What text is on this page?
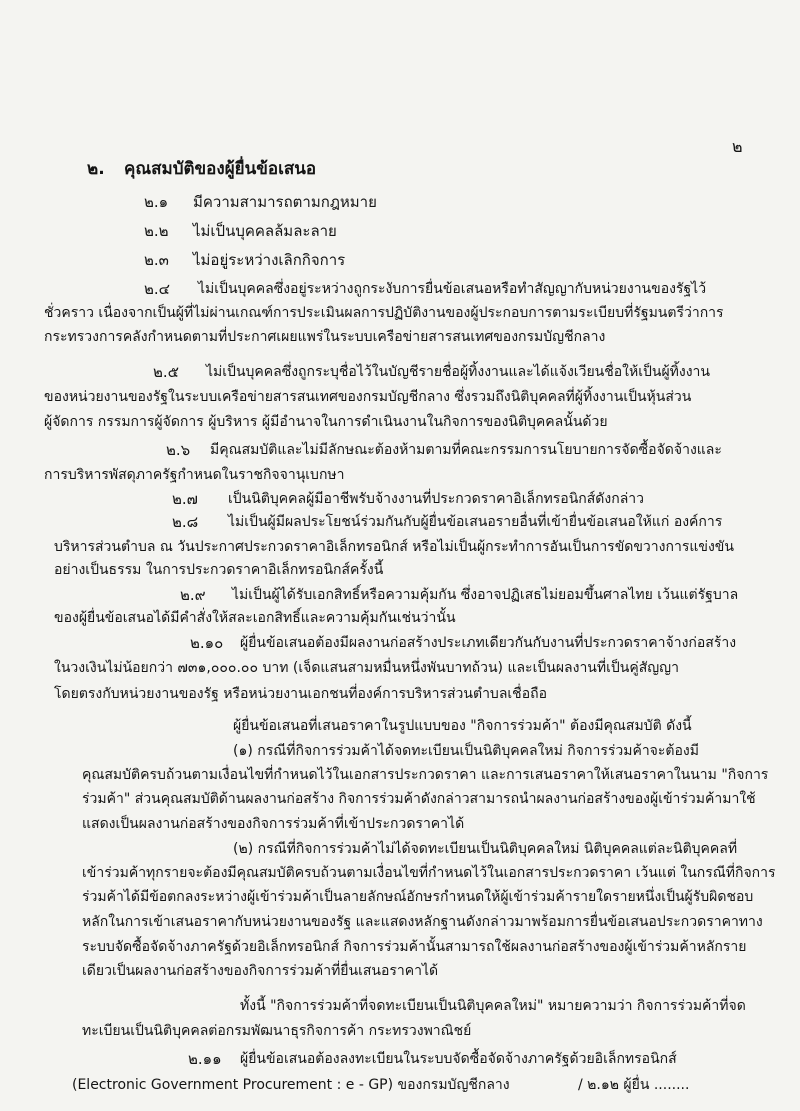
๒
๒. คุณสมบัติของผู้ยื่นข้อเสนอ
๒.๑ มีความสามารถตามกฎหมาย
๒.๒ ไม่เป็นบุคคลล้มละลาย
๒.๓ ไม่อยู่ระหว่างเลิกกิจการ
๒.๔ ไม่เป็นบุคคลซึ่งอยู่ระหว่างถูกระงับการยื่นข้อเสนอหรือทำสัญญากับหน่วยงานของรัฐไว้
ชั่วคราว เนื่องจากเป็นผู้ที่ไม่ผ่านเกณฑ์การประเมินผลการปฏิบัติงานของผู้ประกอบการตามระเบียบที่รัฐมนตรีว่าการ
กระทรวงการคลังกำหนดตามที่ประกาศเผยแพร่ในระบบเครือข่ายสารสนเทศของกรมบัญชีกลาง
๒.๕ ไม่เป็นบุคคลซึ่งถูกระบุชื่อไว้ในบัญชีรายชื่อผู้ทิ้งงานและได้แจ้งเวียนชื่อให้เป็นผู้ทิ้งงาน
ของหน่วยงานของรัฐในระบบเครือข่ายสารสนเทศของกรมบัญชีกลาง ซึ่งรวมถึงนิติบุคคลที่ผู้ทิ้งงานเป็นหุ้นส่วน
ผู้จัดการ กรรมการผู้จัดการ ผู้บริหาร ผู้มีอำนาจในการดำเนินงานในกิจการของนิติบุคคลนั้นด้วย
๒.๖ มีคุณสมบัติและไม่มีลักษณะต้องห้ามตามที่คณะกรรมการนโยบายการจัดซื้อจัดจ้างและ
การบริหารพัสดุภาครัฐกำหนดในราชกิจจานุเบกษา
๒.๗ เป็นนิติบุคคลผู้มีอาชีพรับจ้างงานที่ประกวดราคาอิเล็กทรอนิกส์ดังกล่าว
๒.๘ ไม่เป็นผู้มีผลประโยชน์ร่วมกันกับผู้ยื่นข้อเสนอรายอื่นที่เข้ายื่นข้อเสนอให้แก่ องค์การ
บริหารส่วนตำบล ณ วันประกาศประกวดราคาอิเล็กทรอนิกส์ หรือไม่เป็นผู้กระทำการอันเป็นการขัดขวางการแข่งขัน
อย่างเป็นธรรม ในการประกวดราคาอิเล็กทรอนิกส์ครั้งนี้
๒.๙ ไม่เป็นผู้ได้รับเอกสิทธิ์หรือความคุ้มกัน ซึ่งอาจปฏิเสธไม่ยอมขึ้นศาลไทย เว้นแต่รัฐบาล
ของผู้ยื่นข้อเสนอได้มีคำสั่งให้สละเอกสิทธิ์และความคุ้มกันเช่นว่านั้น
๒.๑๐ ผู้ยื่นข้อเสนอต้องมีผลงานก่อสร้างประเภทเดียวกันกับงานที่ประกวดราคาจ้างก่อสร้าง
ในวงเงินไม่น้อยกว่า ๗๓๑,๐๐๐.๐๐ บาท (เจ็ดแสนสามหมื่นหนึ่งพันบาทถ้วน) และเป็นผลงานที่เป็นคู่สัญญา
โดยตรงกับหน่วยงานของรัฐ หรือหน่วยงานเอกชนที่องค์การบริหารส่วนตำบลเชื่อถือ
ผู้ยื่นข้อเสนอที่เสนอราคาในรูปแบบของ "กิจการร่วมค้า" ต้องมีคุณสมบัติ ดังนี้
(๑) กรณีที่กิจการร่วมค้าได้จดทะเบียนเป็นนิติบุคคลใหม่ กิจการร่วมค้าจะต้องมี
คุณสมบัติครบถ้วนตามเงื่อนไขที่กำหนดไว้ในเอกสารประกวดราคา และการเสนอราคาให้เสนอราคาในนาม "กิจการ
ร่วมค้า" ส่วนคุณสมบัติด้านผลงานก่อสร้าง กิจการร่วมค้าดังกล่าวสามารถนำผลงานก่อสร้างของผู้เข้าร่วมค้ามาใช้
แสดงเป็นผลงานก่อสร้างของกิจการร่วมค้าที่เข้าประกวดราคาได้
(๒) กรณีที่กิจการร่วมค้าไม่ได้จดทะเบียนเป็นนิติบุคคลใหม่ นิติบุคคลแต่ละนิติบุคคลที่
เข้าร่วมค้าทุกรายจะต้องมีคุณสมบัติครบถ้วนตามเงื่อนไขที่กำหนดไว้ในเอกสารประกวดราคา เว้นแต่ ในกรณีที่กิจการ
ร่วมค้าได้มีข้อตกลงระหว่างผู้เข้าร่วมค้าเป็นลายลักษณ์อักษรกำหนดให้ผู้เข้าร่วมค้ารายใดรายหนึ่งเป็นผู้รับผิดชอบ
หลักในการเข้าเสนอราคากับหน่วยงานของรัฐ และแสดงหลักฐานดังกล่าวมาพร้อมการยื่นข้อเสนอประกวดราคาทาง
ระบบจัดซื้อจัดจ้างภาครัฐด้วยอิเล็กทรอนิกส์ กิจการร่วมค้านั้นสามารถใช้ผลงานก่อสร้างของผู้เข้าร่วมค้าหลักราย
เดียวเป็นผลงานก่อสร้างของกิจการร่วมค้าที่ยื่นเสนอราคาได้
ทั้งนี้ "กิจการร่วมค้าที่จดทะเบียนเป็นนิติบุคคลใหม่" หมายความว่า กิจการร่วมค้าที่จด
ทะเบียนเป็นนิติบุคคลต่อกรมพัฒนาธุรกิจการค้า กระทรวงพาณิชย์
๒.๑๑ ผู้ยื่นข้อเสนอต้องลงทะเบียนในระบบจัดซื้อจัดจ้างภาครัฐด้วยอิเล็กทรอนิกส์
(Electronic Government Procurement : e - GP) ของกรมบัญชีกลาง	/ ๒.๑๒ ผู้ยื่น ........
